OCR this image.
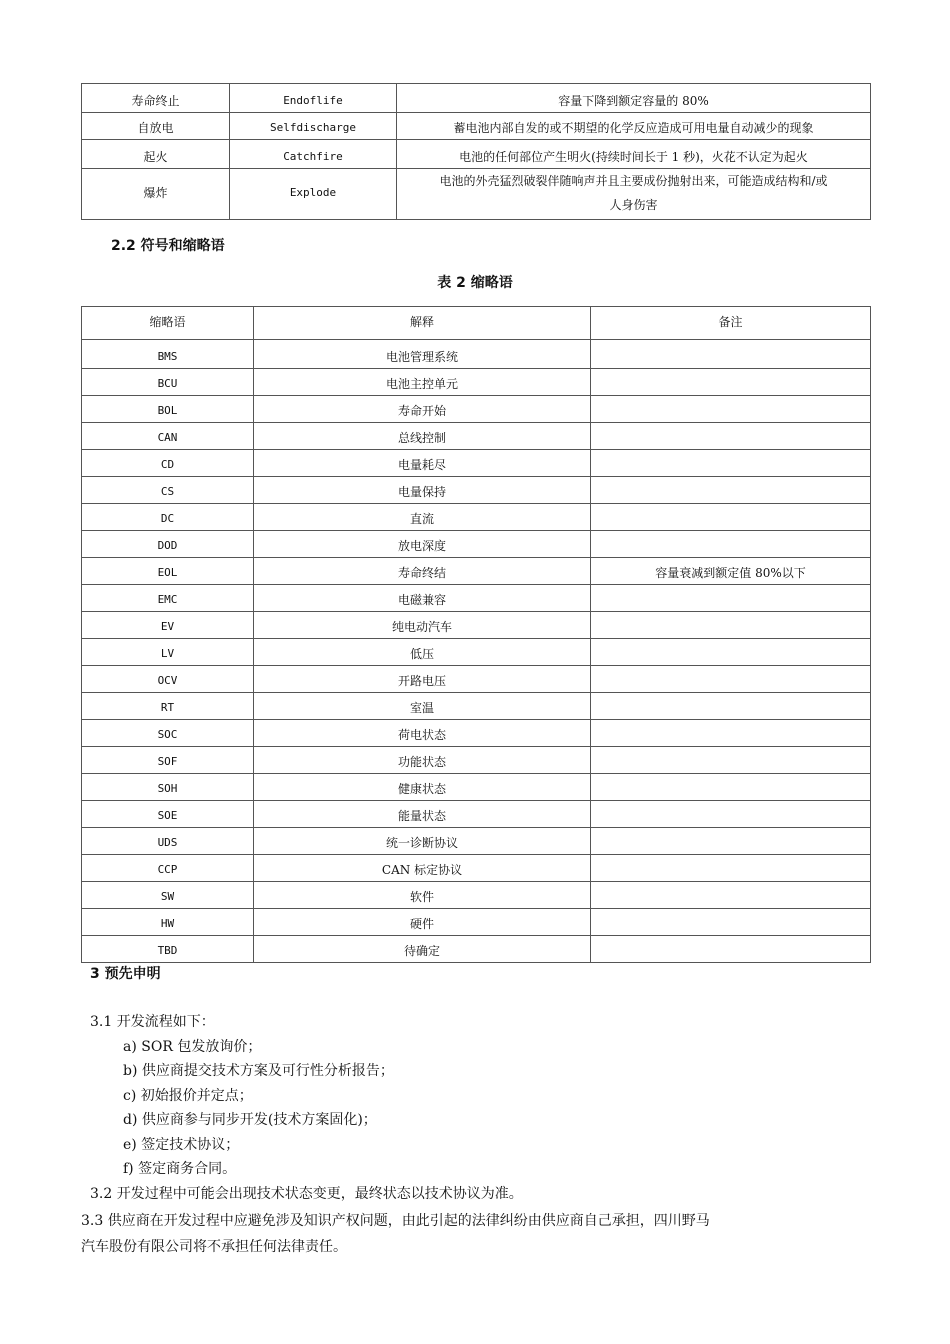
寿命终止	Endoflife	容量下降到额定容量的 80%
自放电	Selfdischarge	蓄电池内部自发的或不期望的化学反应造成可用电量自动减少的现象
起火	Catchfire	电池的任何部位产生明火(持续时间长于 1 秒)，火花不认定为起火
爆炸	Explode	电池的外壳猛烈破裂伴随响声并且主要成份抛射出来，可能造成结构和/或
人身伤害
2.2 符号和缩略语
表 2 缩略语
缩略语	解释	备注
BMS	电池管理系统	
BCU	电池主控单元	
BOL	寿命开始	
CAN	总线控制	
CD	电量耗尽	
CS	电量保持	
DC	直流	
DOD	放电深度	
EOL	寿命终结	容量衰减到额定值 80%以下
EMC	电磁兼容	
EV	纯电动汽车	
LV	低压	
OCV	开路电压	
RT	室温	
SOC	荷电状态	
SOF	功能状态	
SOH	健康状态	
SOE	能量状态	
UDS	统一诊断协议	
CCP	CAN 标定协议	
SW	软件	
HW	硬件	
TBD	待确定	
3 预先申明
3.1 开发流程如下：
a) SOR 包发放询价；
b) 供应商提交技术方案及可行性分析报告；
c) 初始报价并定点；
d) 供应商参与同步开发(技术方案固化)；
e) 签定技术协议；
f) 签定商务合同。
3.2 开发过程中可能会出现技术状态变更，最终状态以技术协议为准。
3.3 供应商在开发过程中应避免涉及知识产权问题，由此引起的法律纠纷由供应商自己承担，四川野马
汽车股份有限公司将不承担任何法律责任。
